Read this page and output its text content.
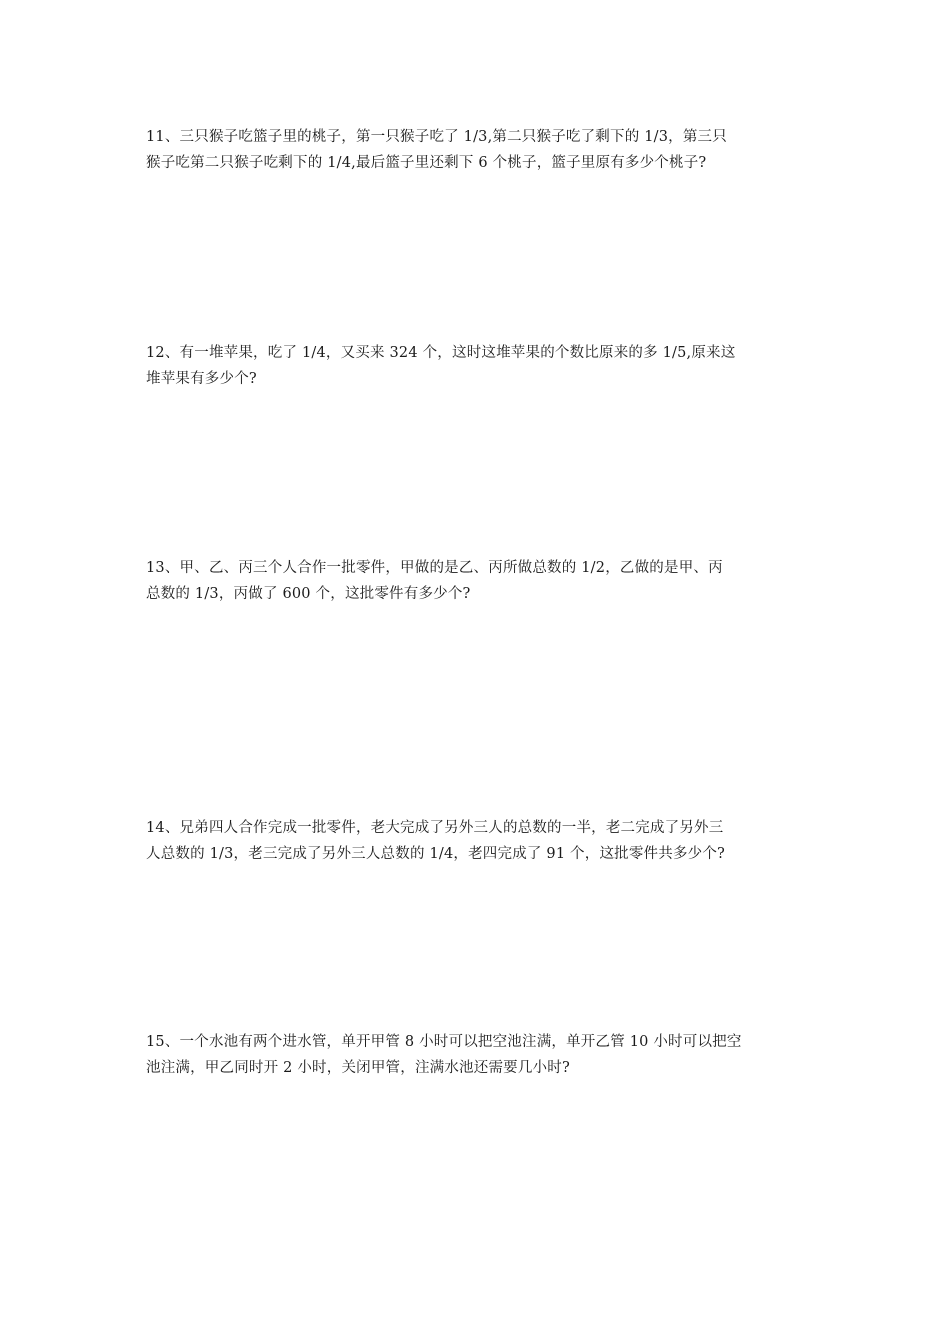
11、三只猴子吃篮子里的桃子，第一只猴子吃了 1/3,第二只猴子吃了剩下的 1/3，第三只
猴子吃第二只猴子吃剩下的 1/4,最后篮子里还剩下 6 个桃子，篮子里原有多少个桃子?
12、有一堆苹果，吃了 1/4，又买来 324 个，这时这堆苹果的个数比原来的多 1/5,原来这
堆苹果有多少个?
13、甲、乙、丙三个人合作一批零件，甲做的是乙、丙所做总数的 1/2，乙做的是甲、丙
总数的 1/3，丙做了 600 个，这批零件有多少个?
14、兄弟四人合作完成一批零件，老大完成了另外三人的总数的一半，老二完成了另外三
人总数的 1/3，老三完成了另外三人总数的 1/4，老四完成了 91 个，这批零件共多少个?
15、一个水池有两个进水管，单开甲管 8 小时可以把空池注满，单开乙管 10 小时可以把空
池注满，甲乙同时开 2 小时，关闭甲管，注满水池还需要几小时?
